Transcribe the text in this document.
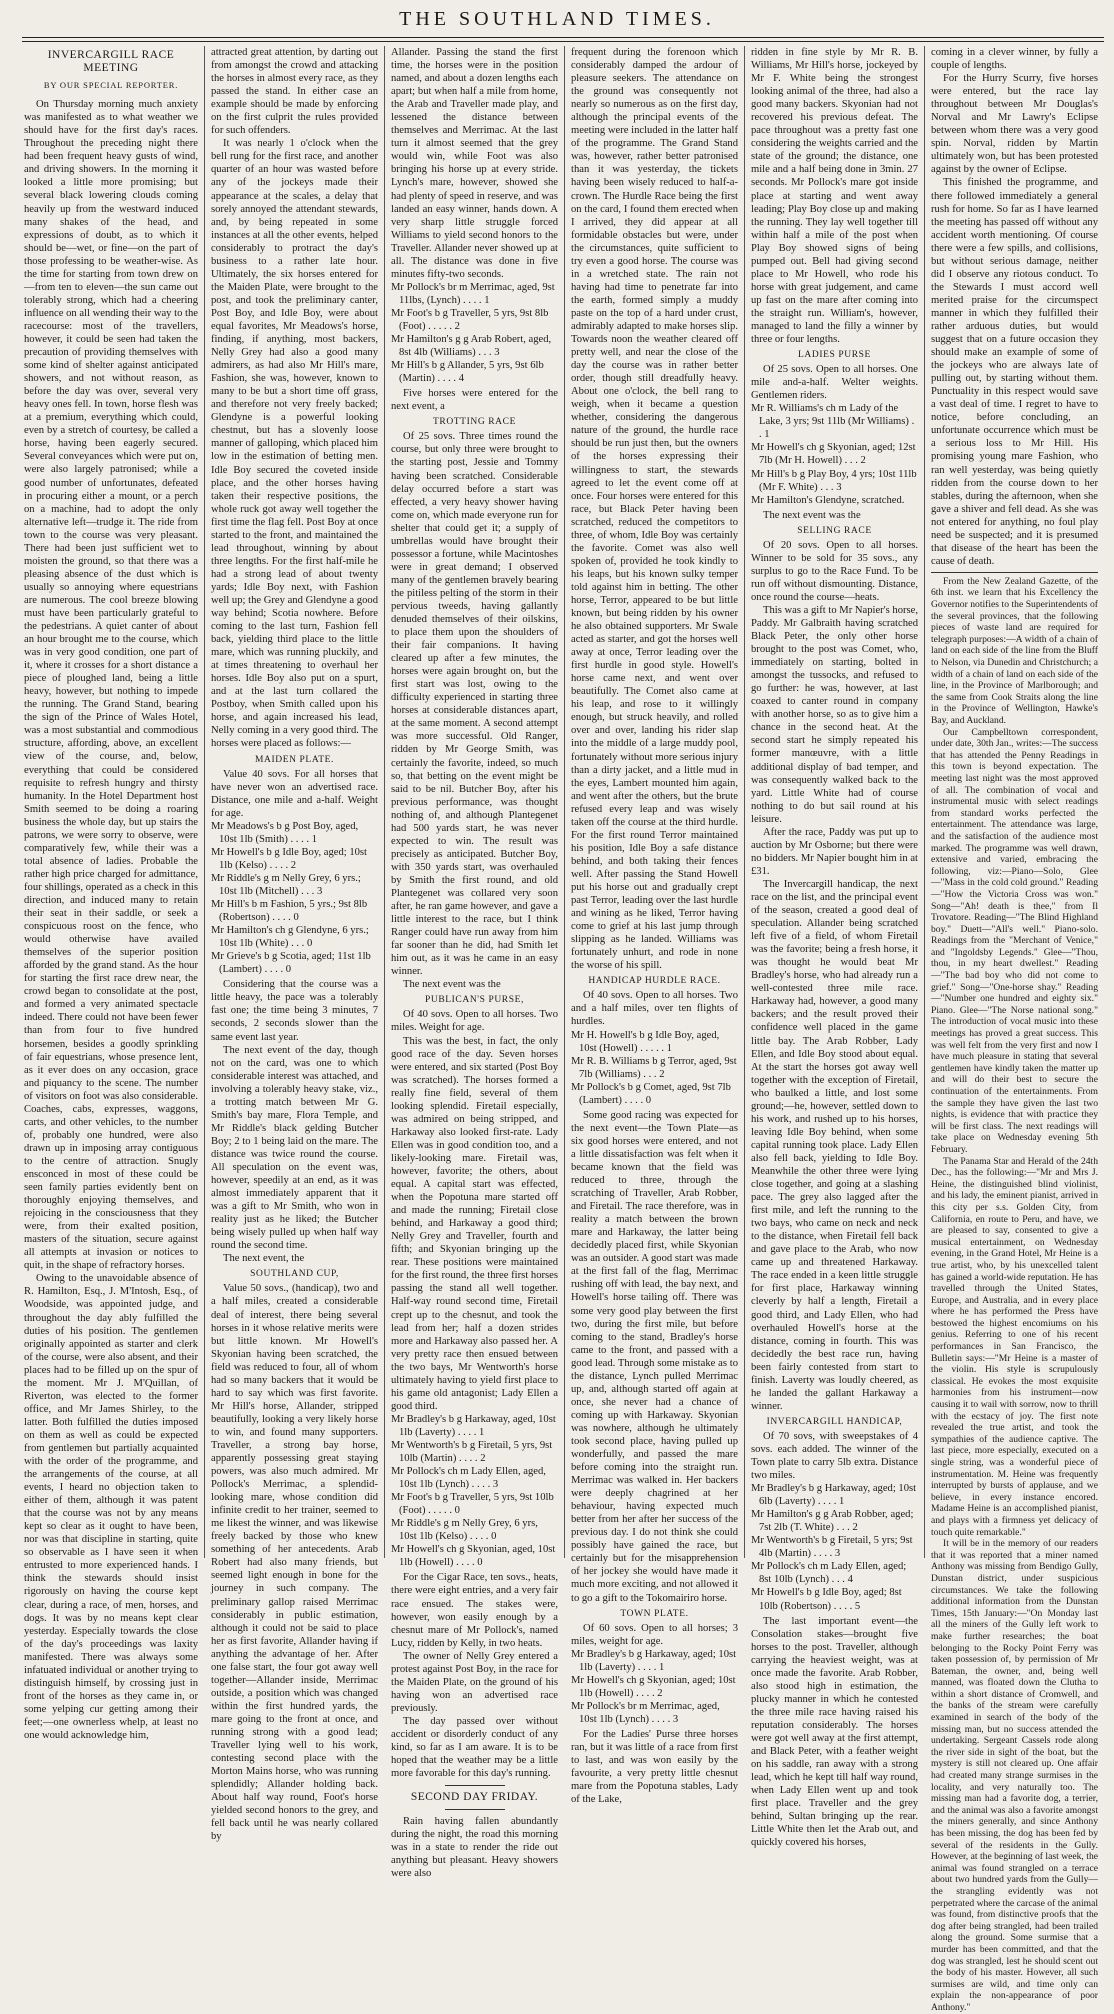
THE SOUTHLAND TIMES.
INVERCARGILL RACE MEETING
BY OUR SPECIAL REPORTER.

On Thursday morning much anxiety was manifested as to what weather we should have for the first day's races. Throughout the preceding night there had been frequent heavy gusts of wind, and driving showers. In the morning it looked a little more promising; but several black lowering clouds coming heavily up from the westward induced many shakes of the head, and expressions of doubt, as to which it should be—wet, or fine—on the part of those professing to be weather-wise. As the time for starting from town drew on—from ten to eleven—the sun came out tolerably strong, which had a cheering influence on all wending their way to the racecourse: most of the travellers, however, it could be seen had taken the precaution of providing themselves with some kind of shelter against anticipated showers, and not without reason, as before the day was over, several very heavy ones fell. In town, horse flesh was at a premium, everything which could, even by a stretch of courtesy, be called a horse, having been eagerly secured. Several conveyances which were put on, were also largely patronised; while a good number of unfortunates, defeated in procuring either a mount, or a perch on a machine, had to adopt the only alternative left—trudge it. The ride from town to the course was very pleasant. There had been just sufficient wet to moisten the ground, so that there was a pleasing absence of the dust which is usually so annoying where equestrians are numerous. The cool breeze blowing must have been particularly grateful to the pedestrians. A quiet canter of about an hour brought me to the course, which was in very good condition, one part of it, where it crosses for a short distance a piece of ploughed land, being a little heavy, however, but nothing to impede the running. The Grand Stand, bearing the sign of the Prince of Wales Hotel, was a most substantial and commodious structure, affording, above, an excellent view of the course, and, below, everything that could be considered requisite to refresh hungry and thirsty humanity. In the Hotel Department host Smith seemed to be doing a roaring business the whole day, but up stairs the patrons, we were sorry to observe, were comparatively few, while their was a total absence of ladies. Probable the rather high price charged for admittance, four shillings, operated as a check in this direction, and induced many to retain their seat in their saddle, or seek a conspicuous roost on the fence, who would otherwise have availed themselves of the superior position afforded by the grand stand. As the hour for starting the first race drew near, the crowd began to consolidate at the post, and formed a very animated spectacle indeed. There could not have been fewer than from four to five hundred horsemen, besides a goodly sprinkling of fair equestrians, whose presence lent, as it ever does on any occasion, grace and piquancy to the scene. The number of visitors on foot was also considerable. Coaches, cabs, expresses, waggons, carts, and other vehicles, to the number of, probably one hundred, were also drawn up in imposing array contiguous to the centre of attraction. Snugly ensconced in most of these could be seen family parties evidently bent on thoroughly enjoying themselves, and rejoicing in the consciousness that they were, from their exalted position, masters of the situation, secure against all attempts at invasion or notices to quit, in the shape of refractory horses.

Owing to the unavoidable absence of R. Hamilton, Esq., J. M'Intosh, Esq., of Woodside, was appointed judge, and throughout the day ably fulfilled the duties of his position. The gentlemen originally appointed as starter and clerk of the course, were also absent, and their places had to be filled up on the spur of the moment. Mr J. M'Quillan, of Riverton, was elected to the former office, and Mr James Shirley, to the latter. Both fulfilled the duties imposed on them as well as could be expected from gentlemen but partially acquainted with the order of the programme, and the arrangements of the course, at all events, I heard no objection taken to either of them, although it was patent that the course was not by any means kept so clear as it ought to have been, nor was that discipline in starting, quite so observable as I have seen it when entrusted to more experienced hands. I think the stewards should insist rigorously on having the course kept clear, during a race, of men, horses, and dogs. It was by no means kept clear yesterday. Especially towards the close of the day's proceedings was laxity manifested. There was always some infatuated individual or another trying to distinguish himself, by crossing just in front of the horses as they came in, or some yelping cur getting among their feet;—one ownerless whelp, at least no one would acknowledge him,

attracted great attention, by darting out from amongst the crowd and attacking the horses in almost every race, as they passed the stand. In either case an example should be made by enforcing on the first culprit the rules provided for such offenders.

It was nearly 1 o'clock when the bell rung for the first race, and another quarter of an hour was wasted before any of the jockeys made their appearance at the scales, a delay that sorely annoyed the attendant stewards, and, by being repeated in some instances at all the other events, helped considerably to protract the day's business to a rather late hour. Ultimately, the six horses entered for the Maiden Plate, were brought to the post, and took the preliminary canter, Post Boy, and Idle Boy, were about equal favorites, Mr Meadows's horse, finding, if anything, most backers, Nelly Grey had also a good many admirers, as had also Mr Hill's mare, Fashion, she was, however, known to many to be but a short time off grass, and therefore not very freely backed; Glendyne is a powerful looking chestnut, but has a slovenly loose manner of galloping, which placed him low in the estimation of betting men. Idle Boy secured the coveted inside place, and the other horses having taken their respective positions, the whole ruck got away well together the first time the flag fell. Post Boy at once started to the front, and maintained the lead throughout, winning by about three lengths. For the first half-mile he had a strong lead of about twenty yards; Idle Boy next, with Fashion well up; the Grey and Glendyne a good way behind; Scotia nowhere. Before coming to the last turn, Fashion fell back, yielding third place to the little mare, which was running pluckily, and at times threatening to overhaul her horses. Idle Boy also put on a spurt, and at the last turn collared the Postboy, when Smith called upon his horse, and again increased his lead, Nelly coming in a very good third. The horses were placed as follows:—

MAIDEN PLATE.

Value 40 sovs. For all horses that have never won an advertised race. Distance, one mile and a-half. Weight for age.

Mr Meadows's b g Post Boy, aged, 10st 1lb (Smith) . . . . 1
Mr Howell's b g Idle Boy, aged; 10st 1lb (Kelso) . . . . 2
Mr Riddle's g m Nelly Grey, 6 yrs.; 10st 1lb (Mitchell) . . . 3
Mr Hill's b m Fashion, 5 yrs.; 9st 8lb (Robertson) . . . . 0
Mr Hamilton's ch g Glendyne, 6 yrs.; 10st 1lb (White) . . . 0
Mr Grieve's b g Scotia, aged; 11st 1lb (Lambert) . . . . 0

Considering that the course was a little heavy, the pace was a tolerably fast one; the time being 3 minutes, 7 seconds, 2 seconds slower than the same event last year.

The next event of the day, though not on the card, was one to which considerable interest was attached, and involving a tolerably heavy stake, viz., a trotting match between Mr G. Smith's bay mare, Flora Temple, and Mr Riddle's black gelding Butcher Boy; 2 to 1 being laid on the mare. The distance was twice round the course. All speculation on the event was, however, speedily at an end, as it was almost immediately apparent that it was a gift to Mr Smith, who won in reality just as he liked; the Butcher being wisely pulled up when half way round the second time.

The next event, the

SOUTHLAND CUP,

Value 50 sovs., (handicap), two and a half miles, created a considerable deal of interest, there being several horses in it whose relative merits were but little known. Mr Howell's Skyonian having been scratched, the field was reduced to four, all of whom had so many backers that it would be hard to say which was first favorite. Mr Hill's horse, Allander, stripped beautifully, looking a very likely horse to win, and found many supporters. Traveller, a strong bay horse, apparently possessing great staying powers, was also much admired. Mr Pollock's Merrimac, a splendid-looking mare, whose condition did infinite credit to her trainer, seemed to me likest the winner, and was likewise freely backed by those who knew something of her antecedents. Arab Robert had also many friends, but seemed light enough in bone for the journey in such company. The preliminary gallop raised Merrimac considerably in public estimation, although it could not be said to place her as first favorite, Allander having if anything the advantage of her. After one false start, the four got away well together—Allander inside, Merrimac outside, a position which was changed within the first hundred yards, the mare going to the front at once, and running strong with a good lead; Traveller lying well to his work, contesting second place with the Morton Mains horse, who was running splendidly; Allander holding back. About half way round, Foot's horse yielded second honors to the grey, and fell back until he was nearly collared by

Allander. Passing the stand the first time, the horses were in the position named, and about a dozen lengths each apart; but when half a mile from home, the Arab and Traveller made play, and lessened the distance between themselves and Merrimac. At the last turn it almost seemed that the grey would win, while Foot was also bringing his horse up at every stride. Lynch's mare, however, showed she had plenty of speed in reserve, and was landed an easy winner, hands down. A very sharp little struggle forced Williams to yield second honors to the Traveller. Allander never showed up at all. The distance was done in five minutes fifty-two seconds.

Mr Pollock's br m Merrimac, aged, 9st 11lbs, (Lynch) . . . . 1
Mr Foot's b g Traveller, 5 yrs, 9st 8lb (Foot) . . . . . 2
Mr Hamilton's g g Arab Robert, aged, 8st 4lb (Williams) . . . 3
Mr Hill's b g Allander, 5 yrs, 9st 6lb (Martin) . . . . 4

Five horses were entered for the next event, a

TROTTING RACE

Of 25 sovs. Three times round the course, but only three were brought to the starting post, Jessie and Tommy having been scratched. Considerable delay occurred before a start was effected, a very heavy shower having come on, which made everyone run for shelter that could get it; a supply of umbrellas would have brought their possessor a fortune, while Macintoshes were in great demand; I observed many of the gentlemen bravely bearing the pitiless pelting of the storm in their pervious tweeds, having gallantly denuded themselves of their oilskins, to place them upon the shoulders of their fair companions. It having cleared up after a few minutes, the horses were again brought on, but the first start was lost, owing to the difficulty experienced in starting three horses at considerable distances apart, at the same moment. A second attempt was more successful. Old Ranger, ridden by Mr George Smith, was certainly the favorite, indeed, so much so, that betting on the event might be said to be nil. Butcher Boy, after his previous performance, was thought nothing of, and although Plantegenet had 500 yards start, he was never expected to win. The result was precisely as anticipated. Butcher Boy, with 350 yards start, was overhauled by Smith the first round, and old Plantegenet was collared very soon after, he ran game however, and gave a little interest to the race, but I think Ranger could have run away from him far sooner than he did, had Smith let him out, as it was he came in an easy winner.

The next event was the

PUBLICAN'S PURSE,

Of 40 sovs. Open to all horses. Two miles. Weight for age.

This was the best, in fact, the only good race of the day. Seven horses were entered, and six started (Post Boy was scratched). The horses formed a really fine field, several of them looking splendid. Firetail especially, was admired on being stripped, and Harkaway also looked first-rate. Lady Ellen was in good condition too, and a likely-looking mare. Firetail was, however, favorite; the others, about equal. A capital start was effected, when the Popotuna mare started off and made the running; Firetail close behind, and Harkaway a good third; Nelly Grey and Traveller, fourth and fifth; and Skyonian bringing up the rear. These positions were maintained for the first round, the three first horses passing the stand all well together. Half-way round second time, Firetail crept up to the chesnut, and took the lead from her; half a dozen strides more and Harkaway also passed her. A very pretty race then ensued between the two bays, Mr Wentworth's horse ultimately having to yield first place to his game old antagonist; Lady Ellen a good third.

Mr Bradley's b g Harkaway, aged, 10st 1lb (Laverty) . . . . 1
Mr Wentworth's b g Firetail, 5 yrs, 9st 10lb (Martin) . . . . 2
Mr Pollock's ch m Lady Ellen, aged, 10st 1lb (Lynch) . . . . 3
Mr Foot's b g Traveller, 5 yrs, 9st 10lb (Foot) . . . . . 0
Mr Riddle's g m Nelly Grey, 6 yrs, 10st 1lb (Kelso) . . . . 0
Mr Howell's ch g Skyonian, aged, 10st 1lb (Howell) . . . . 0

For the Cigar Race, ten sovs., heats, there were eight entries, and a very fair race ensued. The stakes were, however, won easily enough by a chesnut mare of Mr Pollock's, named Lucy, ridden by Kelly, in two heats.

The owner of Nelly Grey entered a protest against Post Boy, in the race for the Maiden Plate, on the ground of his having won an advertised race previously.

The day passed over without accident or disorderly conduct of any kind, so far as I am aware. It is to be hoped that the weather may be a little more favorable for this day's running.

SECOND DAY FRIDAY.

Rain having fallen abundantly during the night, the road this morning was in a state to render the ride out anything but pleasant. Heavy showers were also

frequent during the forenoon which considerably damped the ardour of pleasure seekers. The attendance on the ground was consequently not nearly so numerous as on the first day, although the principal events of the meeting were included in the latter half of the programme. The Grand Stand was, however, rather better patronised than it was yesterday, the tickets having been wisely reduced to half-a-crown. The Hurdle Race being the first on the card, I found them erected when I arrived, they did appear at all formidable obstacles but were, under the circumstances, quite sufficient to try even a good horse. The course was in a wretched state. The rain not having had time to penetrate far into the earth, formed simply a muddy paste on the top of a hard under crust, admirably adapted to make horses slip. Towards noon the weather cleared off pretty well, and near the close of the day the course was in rather better order, though still dreadfully heavy. About one o'clock, the bell rang to weigh, when it became a question whether, considering the dangerous nature of the ground, the hurdle race should be run just then, but the owners of the horses expressing their willingness to start, the stewards agreed to let the event come off at once. Four horses were entered for this race, but Black Peter having been scratched, reduced the competitors to three, of whom, Idle Boy was certainly the favorite. Comet was also well spoken of, provided he took kindly to his leaps, but his known sulky temper told against him in betting. The other horse, Terror, appeared to be but little known, but being ridden by his owner he also obtained supporters. Mr Swale acted as starter, and got the horses well away at once, Terror leading over the first hurdle in good style. Howell's horse came next, and went over beautifully. The Comet also came at his leap, and rose to it willingly enough, but struck heavily, and rolled over and over, landing his rider slap into the middle of a large muddy pool, fortunately without more serious injury than a dirty jacket, and a little mud in the eyes, Lambert mounted him again, and went after the others, but the brute refused every leap and was wisely taken off the course at the third hurdle. For the first round Terror maintained his position, Idle Boy a safe distance behind, and both taking their fences well. After passing the Stand Howell put his horse out and gradually crept past Terror, leading over the last hurdle and wining as he liked, Terror having come to grief at his last jump through slipping as he landed. Williams was fortunately unhurt, and rode in none the worse of his spill.

HANDICAP HURDLE RACE.

Of 40 sovs. Open to all horses. Two and a half miles, over ten flights of hurdles.

Mr H. Howell's b g Idle Boy, aged, 10st (Howell) . . . . . 1
Mr R. B. Williams b g Terror, aged, 9st 7lb (Williams) . . . 2
Mr Pollock's b g Comet, aged, 9st 7lb (Lambert) . . . . 0

Some good racing was expected for the next event—the Town Plate—as six good horses were entered, and not a little dissatisfaction was felt when it became known that the field was reduced to three, through the scratching of Traveller, Arab Robber, and Firetail. The race therefore, was in reality a match between the brown mare and Harkaway, the latter being decidedly placed first, while Skyonian was an outsider. A good start was made at the first fall of the flag, Merrimac rushing off with lead, the bay next, and Howell's horse tailing off. There was some very good play between the first two, during the first mile, but before coming to the stand, Bradley's horse came to the front, and passed with a good lead. Through some mistake as to the distance, Lynch pulled Merrimac up, and, although started off again at once, she never had a chance of coming up with Harkaway. Skyonian was nowhere, although he ultimately took second place, having pulled up wonderfully, and passed the mare before coming into the straight run. Merrimac was walked in. Her backers were deeply chagrined at her behaviour, having expected much better from her after her success of the previous day. I do not think she could possibly have gained the race, but certainly but for the misapprehension of her jockey she would have made it much more exciting, and not allowed it to go a gift to the Tokomairiro horse.

TOWN PLATE.

Of 60 sovs. Open to all horses; 3 miles, weight for age.

Mr Bradley's b g Harkaway, aged; 10st 1lb (Laverty) . . . . 1
Mr Howell's ch g Skyonian, aged; 10st 1lb (Howell) . . . . 2
Mr Pollock's br m Merrimac, aged, 10st 1lb (Lynch) . . . . 3

For the Ladies' Purse three horses ran, but it was little of a race from first to last, and was won easily by the favourite, a very pretty little chesnut mare from the Popotuna stables, Lady of the Lake,

ridden in fine style by Mr R. B. Williams, Mr Hill's horse, jockeyed by Mr F. White being the strongest looking animal of the three, had also a good many backers. Skyonian had not recovered his previous defeat. The pace throughout was a pretty fast one considering the weights carried and the state of the ground; the distance, one mile and a half being done in 3min. 27 seconds. Mr Pollock's mare got inside place at starting and went away leading; Play Boy close up and making the running. They lay well together till within half a mile of the post when Play Boy showed signs of being pumped out. Bell had giving second place to Mr Howell, who rode his horse with great judgement, and came up fast on the mare after coming into the straight run. William's, however, managed to land the filly a winner by three or four lengths.

LADIES PURSE

Of 25 sovs. Open to all horses. One mile and-a-half. Welter weights. Gentlemen riders.

Mr R. Williams's ch m Lady of the Lake, 3 yrs; 9st 11lb (Mr Williams) . . 1
Mr Howell's ch g Skyonian, aged; 12st 7lb (Mr H. Howell) . . . 2
Mr Hill's b g Play Boy, 4 yrs; 10st 11lb (Mr F. White) . . . 3
Mr Hamilton's Glendyne, scratched.

The next event was the

SELLING RACE

Of 20 sovs. Open to all horses. Winner to be sold for 35 sovs., any surplus to go to the Race Fund. To be run off without dismounting. Distance, once round the course—heats.

This was a gift to Mr Napier's horse, Paddy. Mr Galbraith having scratched Black Peter, the only other horse brought to the post was Comet, who, immediately on starting, bolted in amongst the tussocks, and refused to go further: he was, however, at last coaxed to canter round in company with another horse, so as to give him a chance in the second heat. At the second start he simply repeated his former manœuvre, with a little additional display of bad temper, and was consequently walked back to the yard. Little White had of course nothing to do but sail round at his leisure.

After the race, Paddy was put up to auction by Mr Osborne; but there were no bidders. Mr Napier bought him in at £31.

The Invercargill handicap, the next race on the list, and the principal event of the season, created a good deal of speculation. Allander being scratched left five of a field, of whom Firetail was the favorite; being a fresh horse, it was thought he would beat Mr Bradley's horse, who had already run a well-contested three mile race. Harkaway had, however, a good many backers; and the result proved their confidence well placed in the game little bay. The Arab Robber, Lady Ellen, and Idle Boy stood about equal. At the start the horses got away well together with the exception of Firetail, who baulked a little, and lost some ground;—he, however, settled down to his work, and rushed up to his horses, leaving Idle Boy behind, when some capital running took place. Lady Ellen also fell back, yielding to Idle Boy. Meanwhile the other three were lying close together, and going at a slashing pace. The grey also lagged after the first mile, and left the running to the two bays, who came on neck and neck to the distance, when Firetail fell back and gave place to the Arab, who now came up and threatened Harkaway. The race ended in a keen little struggle for first place, Harkaway winning cleverly by half a length, Firetail a good third, and Lady Ellen, who had overhauled Howell's horse at the distance, coming in fourth. This was decidedly the best race run, having been fairly contested from start to finish. Laverty was loudly cheered, as he landed the gallant Harkaway a winner.

INVERCARGILL HANDICAP,

Of 70 sovs, with sweepstakes of 4 sovs. each added. The winner of the Town plate to carry 5lb extra. Distance two miles.

Mr Bradley's b g Harkaway, aged; 10st 6lb (Laverty) . . . . 1
Mr Hamilton's g g Arab Robber, aged; 7st 2lb (T. White) . . . 2
Mr Wentworth's b g Firetail, 5 yrs; 9st 4lb (Martin) . . . . 3
Mr Pollock's ch m Lady Ellen, aged; 8st 10lb (Lynch) . . . 4
Mr Howell's b g Idle Boy, aged; 8st 10lb (Robertson) . . . . 5

The last important event—the Consolation stakes—brought five horses to the post. Traveller, although carrying the heaviest weight, was at once made the favorite. Arab Robber, also stood high in estimation, the plucky manner in which he contested the three mile race having raised his reputation considerably. The horses were got well away at the first attempt, and Black Peter, with a feather weight on his saddle, ran away with a strong lead, which he kept till half way round, when Lady Ellen went up and took first place. Traveller and the grey behind, Sultan bringing up the rear. Little White then let the Arab out, and quickly covered his horses,

coming in a clever winner, by fully a couple of lengths.

For the Hurry Scurry, five horses were entered, but the race lay throughout between Mr Douglas's Norval and Mr Lawry's Eclipse between whom there was a very good spin. Norval, ridden by Martin ultimately won, but has been protested against by the owner of Eclipse.

This finished the programme, and there followed immediately a general rush for home. So far as I have learned the meeting has passed off without any accident worth mentioning. Of course there were a few spills, and collisions, but without serious damage, neither did I observe any riotous conduct. To the Stewards I must accord well merited praise for the circumspect manner in which they fulfilled their rather arduous duties, but would suggest that on a future occasion they should make an example of some of the jockeys who are always late of pulling out, by starting without them. Punctuality in this respect would save a vast deal of time. I regret to have to notice, before concluding, an unfortunate occurrence which must be a serious loss to Mr Hill. His promising young mare Fashion, who ran well yesterday, was being quietly ridden from the course down to her stables, during the afternoon, when she gave a shiver and fell dead. As she was not entered for anything, no foul play need be suspected; and it is presumed that disease of the heart has been the cause of death.

From the New Zealand Gazette, of the 6th inst. we learn that his Excellency the Governor notifies to the Superintendents of the several provinces, that the following pieces of waste land are required for telegraph purposes:—A width of a chain of land on each side of the line from the Bluff to Nelson, via Dunedin and Christchurch; a width of a chain of land on each side of the line, in the Province of Marlborough; and the same from Cook Straits along the line in the Province of Wellington, Hawke's Bay, and Auckland.

Our Campbelltown correspondent, under date, 30th Jan., writes:—The success that has attended the Penny Readings in this town is beyond expectation. The meeting last night was the most approved of all. The combination of vocal and instrumental music with select readings from standard works perfected the entertainment. The attendance was large, and the satisfaction of the audience most marked. The programme was well drawn, extensive and varied, embracing the following, viz:—Piano—Solo, Glee—"Mass in the cold cold ground." Reading—"How the Victoria Cross was won." Song—"Ah! death is thee," from Il Trovatore. Reading—"The Blind Highland boy." Duett—"All's well." Piano-solo. Readings from the "Merchant of Venice," and "Ingoldsby Legends." Glee—"Thou, thou, in my heart dwellest." Reading—"The bad boy who did not come to grief." Song—"One-horse shay." Reading—"Number one hundred and eighty six." Piano. Glee—"The Norse national song." The introduction of vocal music into these meetings has proved a great success. This was well felt from the very first and now I have much pleasure in stating that several gentlemen have kindly taken the matter up and will do their best to secure the continuation of the entertainments. From the sample they have given the last two nights, is evidence that with practice they will be first class. The next readings will take place on Wednesday evening 5th February.

The Panama Star and Herald of the 24th Dec., has the following:—"Mr and Mrs J. Heine, the distinguished blind violinist, and his lady, the eminent pianist, arrived in this city per s.s. Golden City, from California, en route to Peru, and have, we are pleased to say, consented to give a musical entertainment, on Wednesday evening, in the Grand Hotel, Mr Heine is a true artist, who, by his unexcelled talent has gained a world-wide reputation. He has travelled through the United States, Europe, and Australia, and in every place where he has performed the Press have bestowed the highest encomiums on his genius. Referring to one of his recent performances in San Francisco, the Bulletin says:—"Mr Heine is a master of the violin. His style is scrupulously classical. He evokes the most exquisite harmonies from his instrument—now causing it to wail with sorrow, now to thrill with the ecstacy of joy. The first note revealed the true artist, and took the sympathies of the audience captive. The last piece, more especially, executed on a single string, was a wonderful piece of instrumentation. M. Heine was frequently interrupted by bursts of applause, and we believe, in every instance encored. Madame Heine is an accomplished pianist, and plays with a firmness yet delicacy of touch quite remarkable."

It will be in the memory of our readers that it was reported that a miner named Anthony was missing from Bendigo Gully, Dunstan district, under suspicious circumstances. We take the following additional information from the Dunstan Times, 15th January:—"On Monday last all the miners of the Gully left work to make further researches; the boat belonging to the Rocky Point Ferry was taken possession of, by permission of Mr Bateman, the owner, and, being well manned, was floated down the Clutha to within a short distance of Cromwell, and the banks of the stream were carefully examined in search of the body of the missing man, but no success attended the undertaking. Sergeant Cassels rode along the river side in sight of the boat, but the mystery is still not cleared up. One affair had created many strange surmises in the locality, and very naturally too. The missing man had a favorite dog, a terrier, and the animal was also a favorite amongst the miners generally, and since Anthony has been missing, the dog has been fed by several of the residents in the Gully. However, at the beginning of last week, the animal was found strangled on a terrace about two hundred yards from the Gully—the strangling evidently was not perpetrated where the carcase of the animal was found, from distinctive proofs that the dog after being strangled, had been trailed along the ground. Some surmise that a murder has been committed, and that the dog was strangled, lest he should scent out the body of his master. However, all such surmises are wild, and time only can explain the non-appearance of poor Anthony."
